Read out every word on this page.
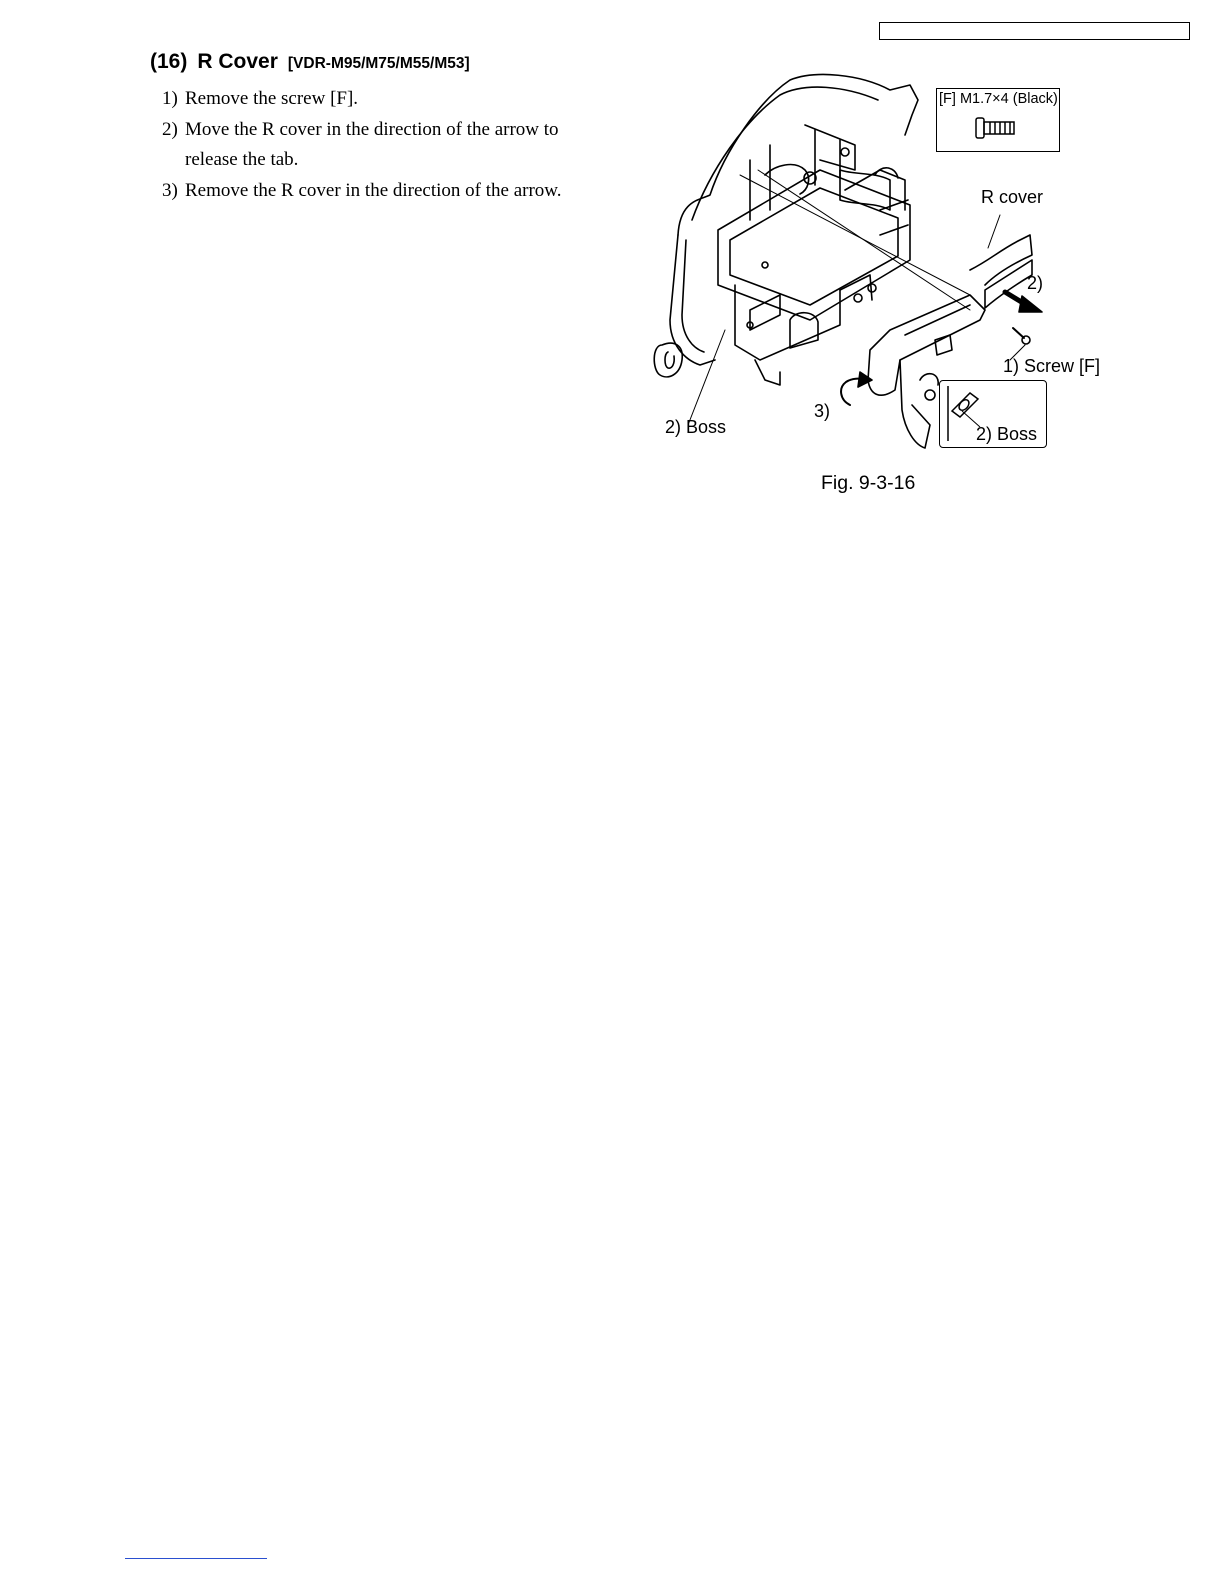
(16) R Cover [VDR-M95/M75/M55/M53]
1) Remove the screw [F].
2) Move the R cover in the direction of the arrow to release the tab.
3) Remove the R cover in the direction of the arrow.
[F] M1.7×4 (Black)
R cover
2)
1) Screw [F]
3)
2) Boss	2) Boss
Fig. 9-3-16
